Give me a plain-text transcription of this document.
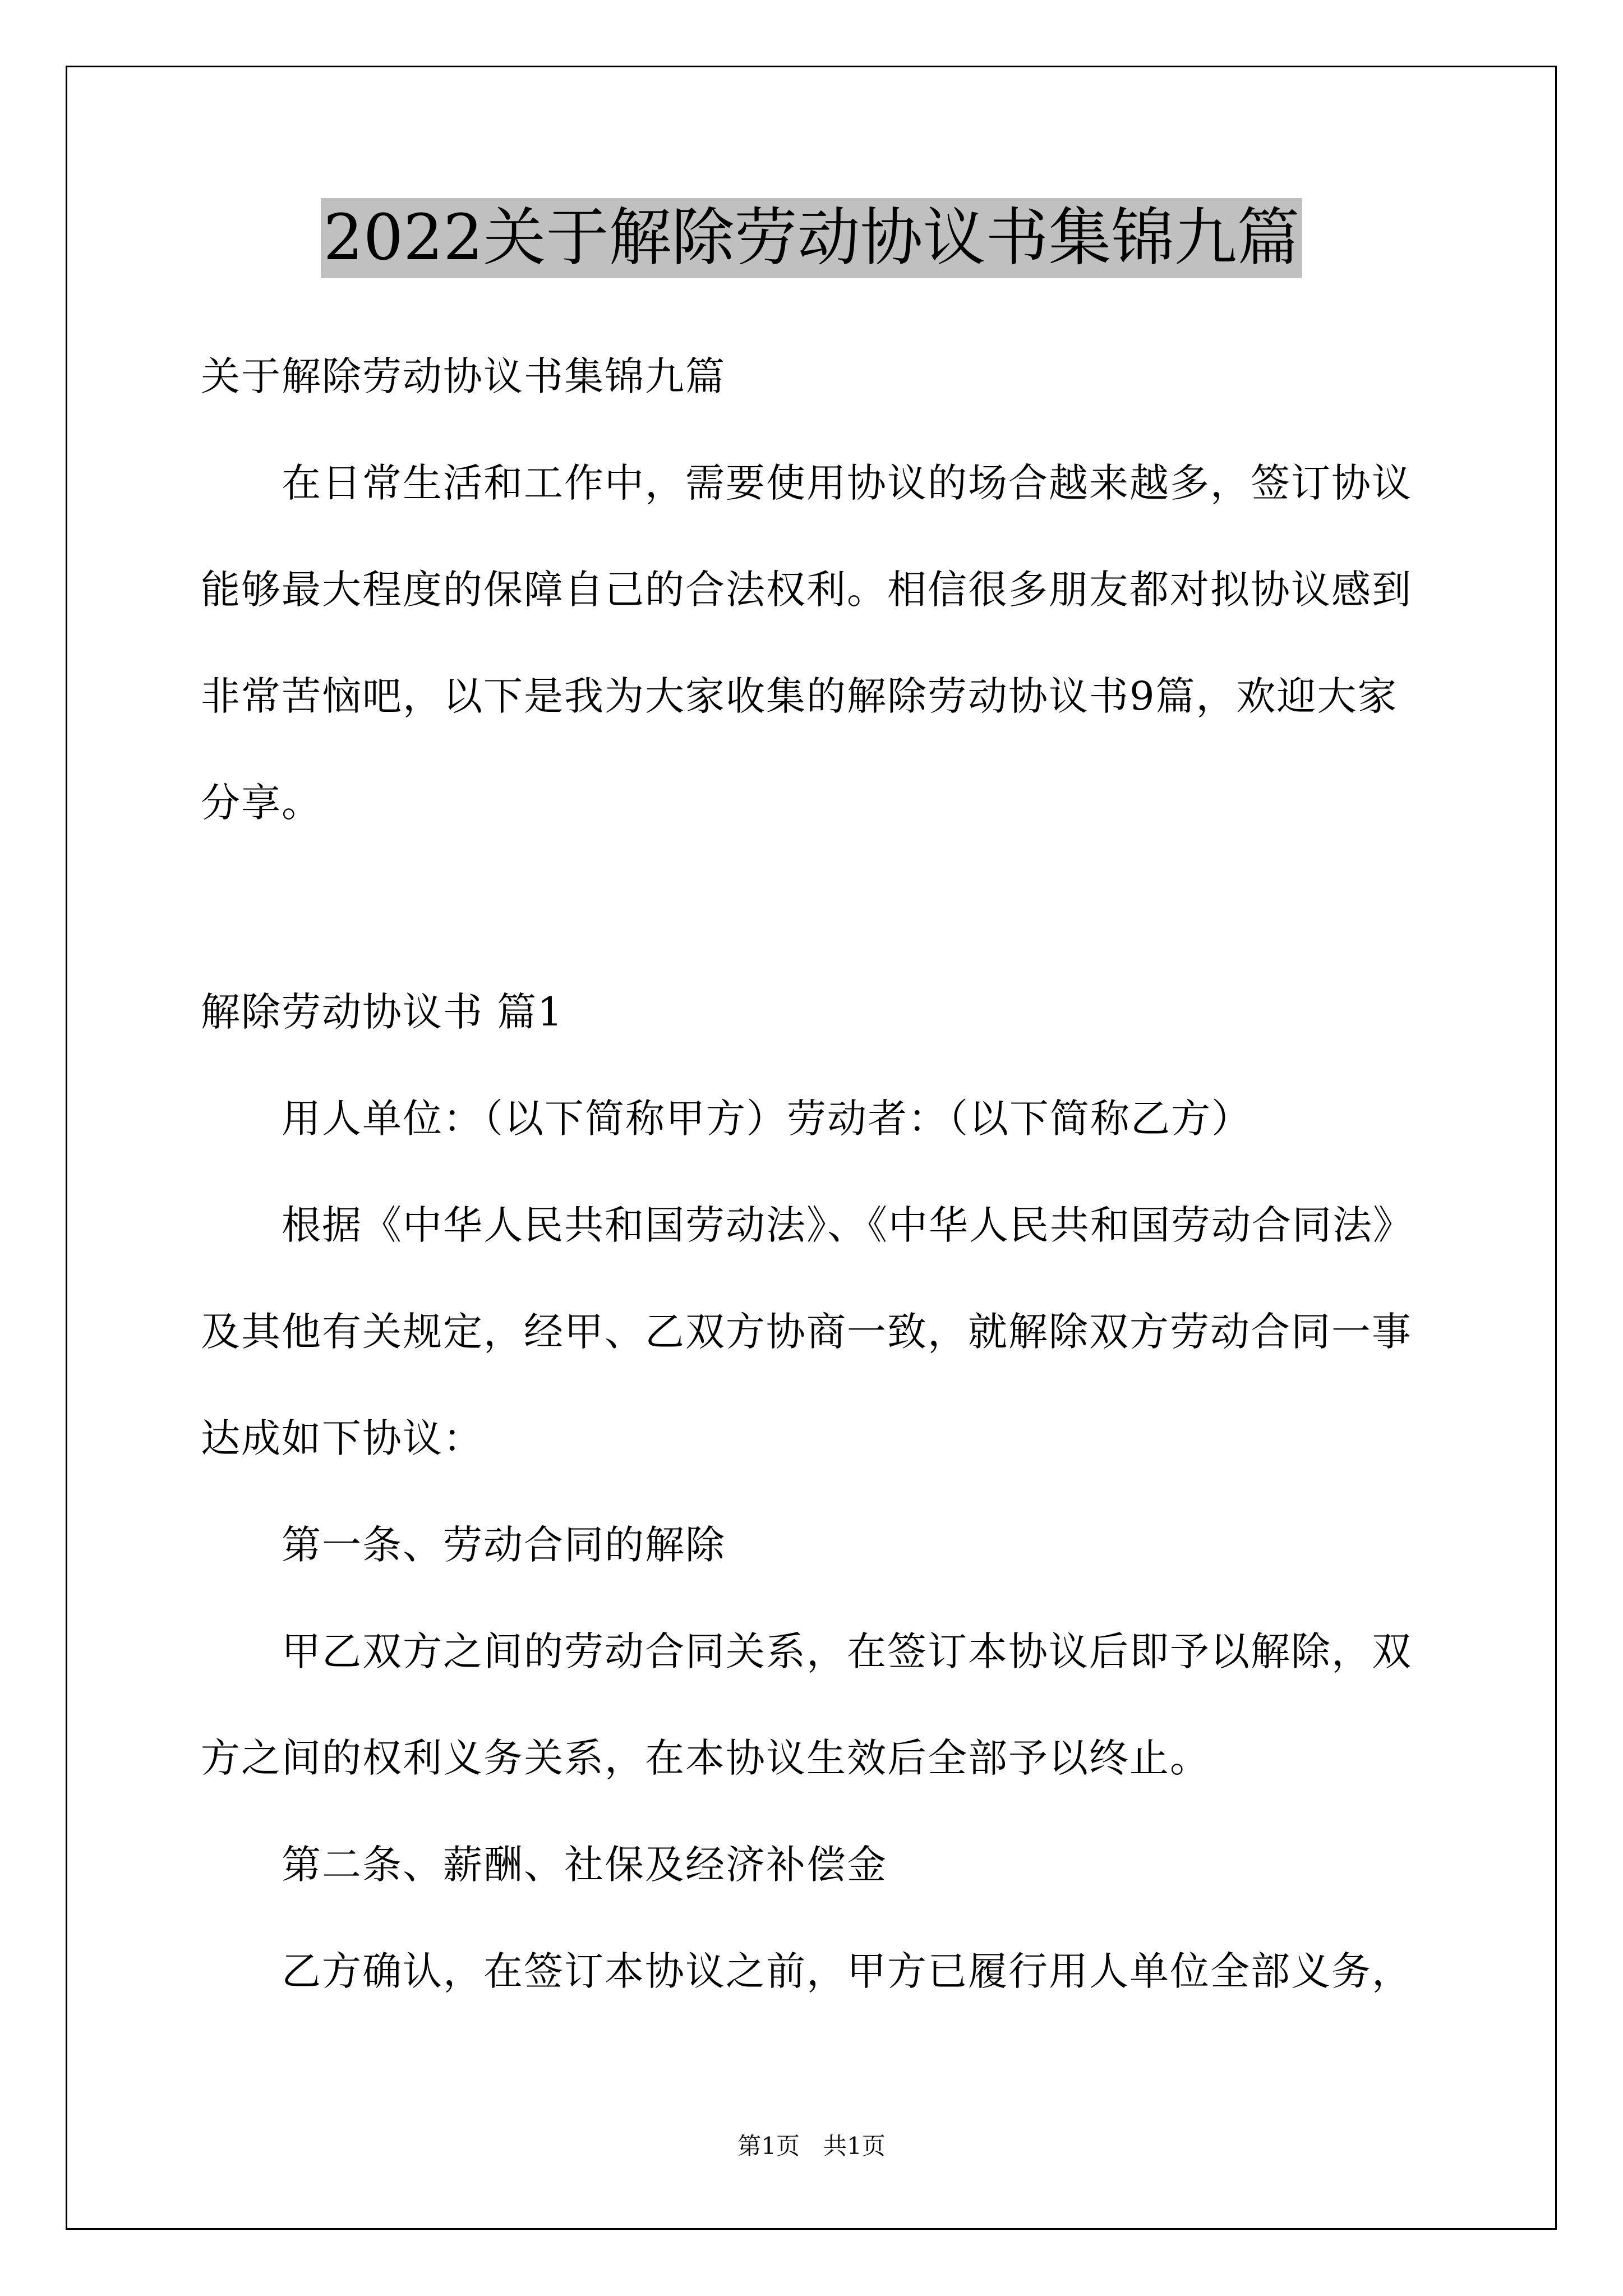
2022关于解除劳动协议书集锦九篇

关于解除劳动协议书集锦九篇

在日常生活和工作中，需要使用协议的场合越来越多，签订协议能够最大程度的保障自己的合法权利。相信很多朋友都对拟协议感到非常苦恼吧，以下是我为大家收集的解除劳动协议书9篇，欢迎大家分享。

解除劳动协议书 篇1

用人单位：（以下简称甲方）劳动者：（以下简称乙方）

根据《中华人民共和国劳动法》、《中华人民共和国劳动合同法》及其他有关规定，经甲、乙双方协商一致，就解除双方劳动合同一事达成如下协议：

第一条、劳动合同的解除

甲乙双方之间的劳动合同关系，在签订本协议后即予以解除，双方之间的权利义务关系，在本协议生效后全部予以终止。

第二条、薪酬、社保及经济补偿金

乙方确认，在签订本协议之前，甲方已履行用人单位全部义务，

第1页　共1页
